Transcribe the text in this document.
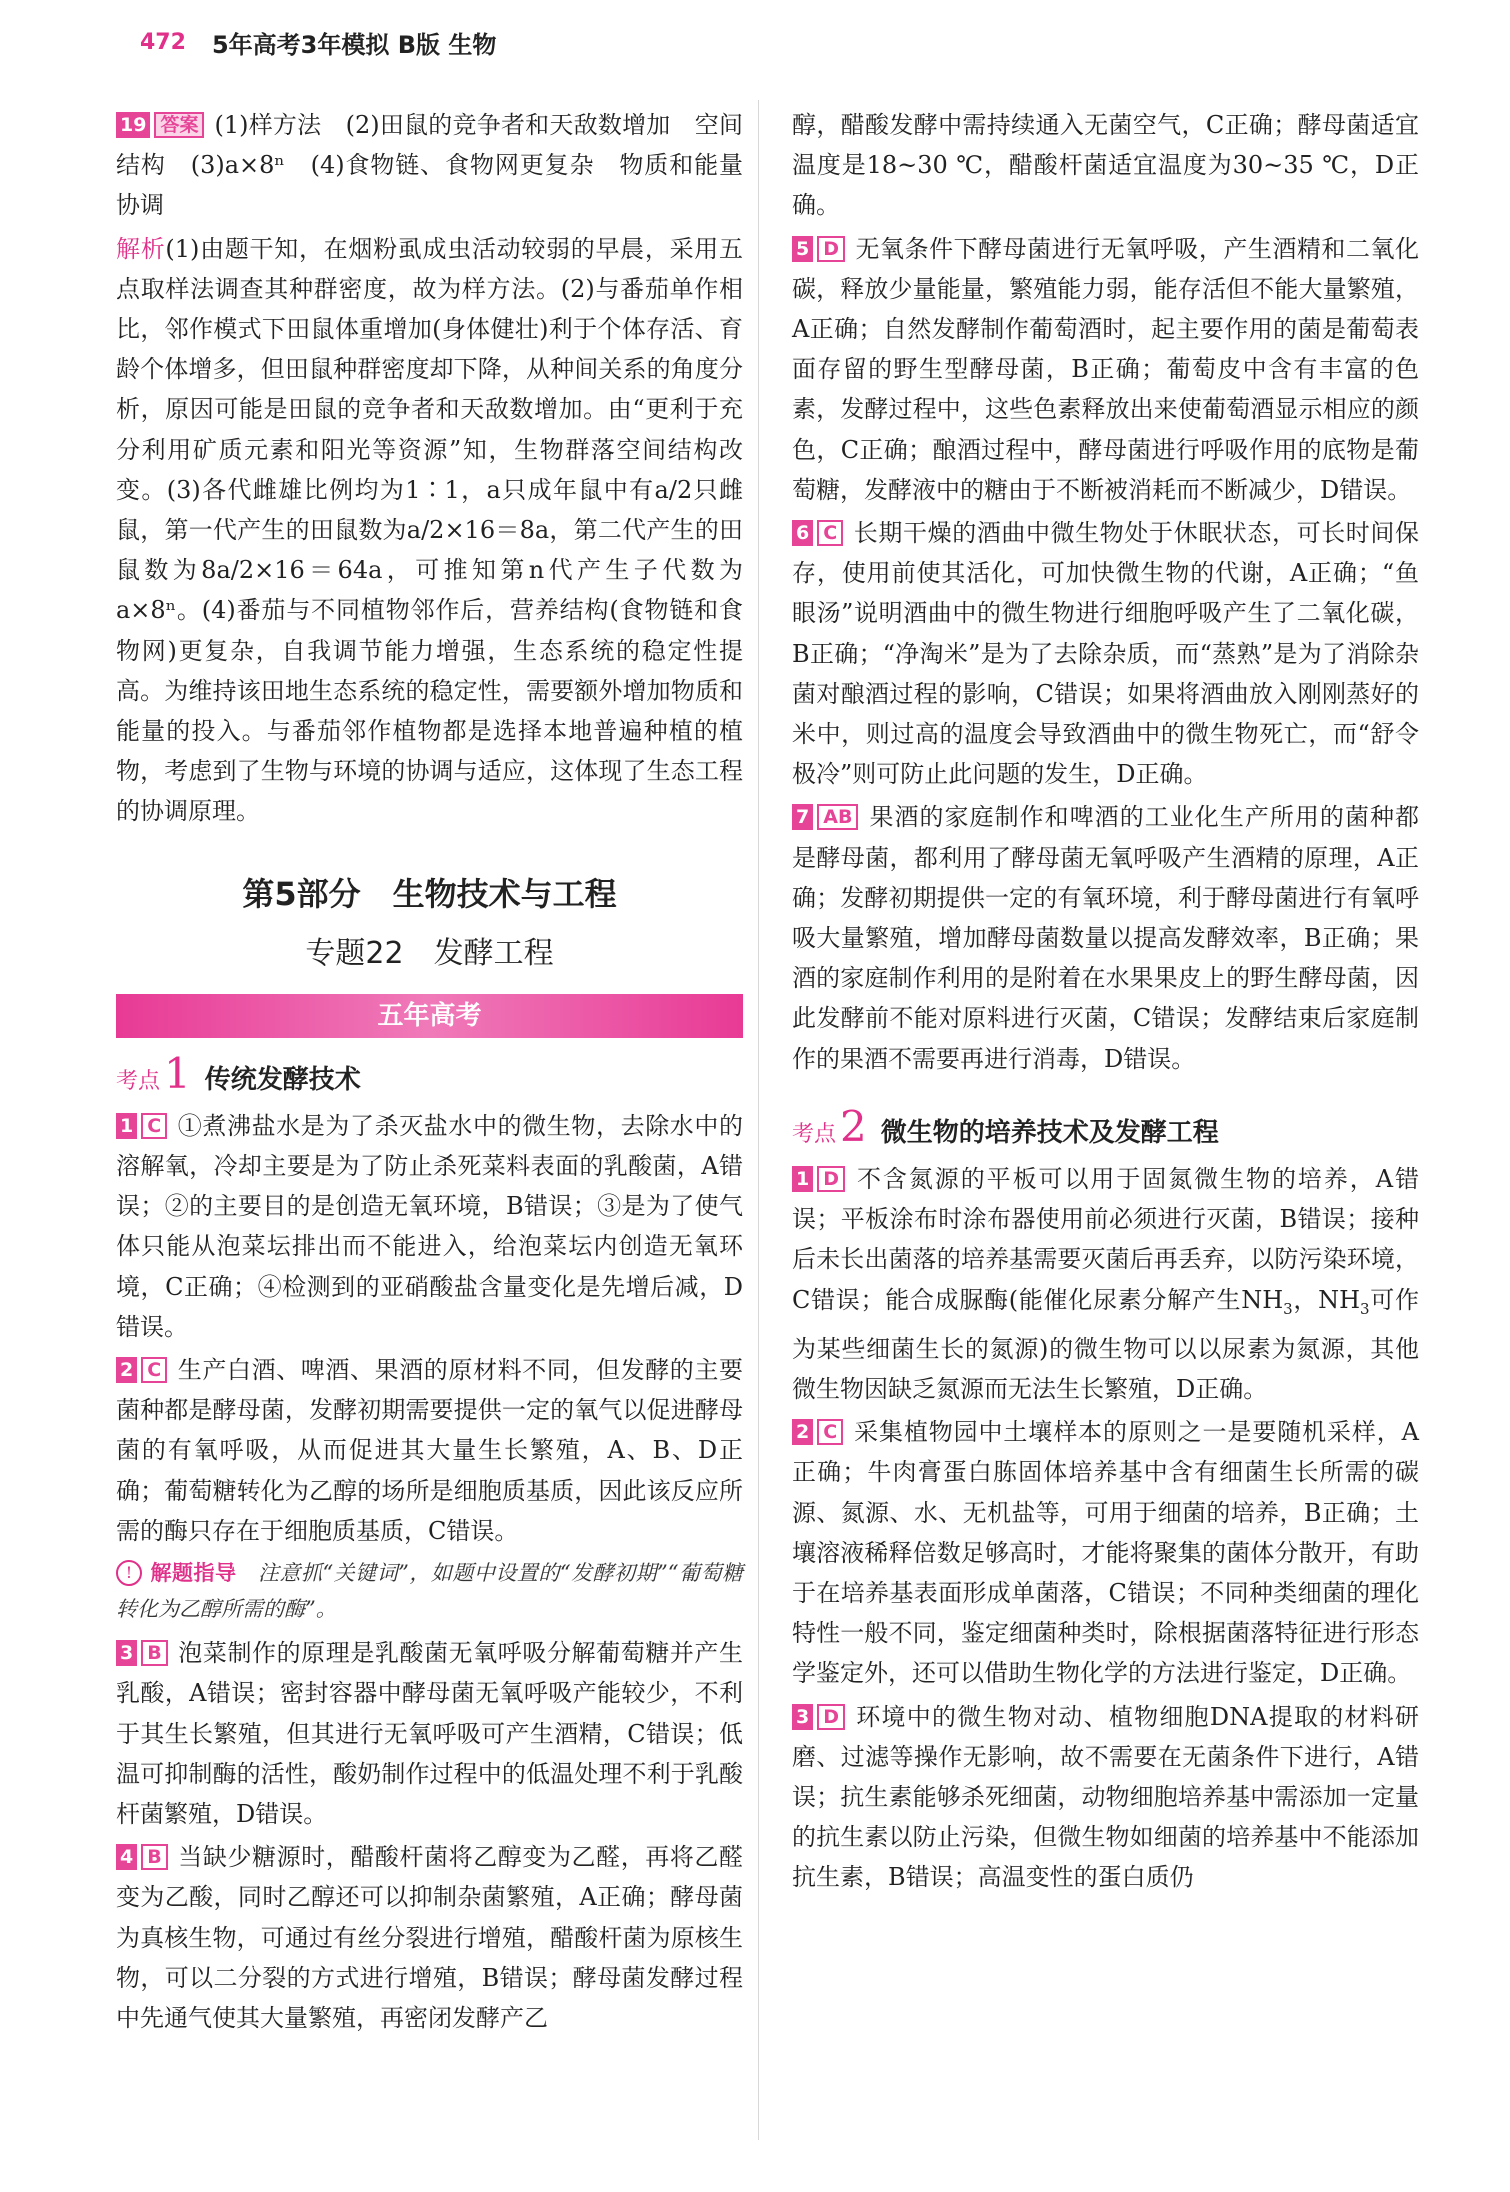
472 5年高考3年模拟 B版 生物

19 答案 (1)样方法　(2)田鼠的竞争者和天敌数增加　空间结构　(3)a×8ⁿ　(4)食物链、食物网更复杂　物质和能量　协调

解析(1)由题干知，在烟粉虱成虫活动较弱的早晨，采用五点取样法调查其种群密度，故为样方法。(2)与番茄单作相比，邻作模式下田鼠体重增加(身体健壮)利于个体存活、育龄个体增多，但田鼠种群密度却下降，从种间关系的角度分析，原因可能是田鼠的竞争者和天敌数增加。由“更利于充分利用矿质元素和阳光等资源”知，生物群落空间结构改变。(3)各代雌雄比例均为1∶1，a只成年鼠中有a/2只雌鼠，第一代产生的田鼠数为a/2×16＝8a，第二代产生的田鼠数为8a/2×16＝64a，可推知第n代产生子代数为a×8ⁿ。(4)番茄与不同植物邻作后，营养结构(食物链和食物网)更复杂，自我调节能力增强，生态系统的稳定性提高。为维持该田地生态系统的稳定性，需要额外增加物质和能量的投入。与番茄邻作植物都是选择本地普遍种植的植物，考虑到了生物与环境的协调与适应，这体现了生态工程的协调原理。

第5部分　生物技术与工程
专题22　发酵工程
五年高考
考点 1 传统发酵技术

1 C ①煮沸盐水是为了杀灭盐水中的微生物，去除水中的溶解氧，冷却主要是为了防止杀死菜料表面的乳酸菌，A错误；②的主要目的是创造无氧环境，B错误；③是为了使气体只能从泡菜坛排出而不能进入，给泡菜坛内创造无氧环境，C正确；④检测到的亚硝酸盐含量变化是先增后减，D错误。

2 C 生产白酒、啤酒、果酒的原材料不同，但发酵的主要菌种都是酵母菌，发酵初期需要提供一定的氧气以促进酵母菌的有氧呼吸，从而促进其大量生长繁殖，A、B、D正确；葡萄糖转化为乙醇的场所是细胞质基质，因此该反应所需的酶只存在于细胞质基质，C错误。

! 解题指导　 注意抓“关键词”，如题中设置的“发酵初期”“葡萄糖转化为乙醇所需的酶”。

3 B 泡菜制作的原理是乳酸菌无氧呼吸分解葡萄糖并产生乳酸，A错误；密封容器中酵母菌无氧呼吸产能较少，不利于其生长繁殖，但其进行无氧呼吸可产生酒精，C错误；低温可抑制酶的活性，酸奶制作过程中的低温处理不利于乳酸杆菌繁殖，D错误。

4 B 当缺少糖源时，醋酸杆菌将乙醇变为乙醛，再将乙醛变为乙酸，同时乙醇还可以抑制杂菌繁殖，A正确；酵母菌为真核生物，可通过有丝分裂进行增殖，醋酸杆菌为原核生物，可以二分裂的方式进行增殖，B错误；酵母菌发酵过程中先通气使其大量繁殖，再密闭发酵产乙

醇，醋酸发酵中需持续通入无菌空气，C正确；酵母菌适宜温度是18~30 ℃，醋酸杆菌适宜温度为30~35 ℃，D正确。

5 D 无氧条件下酵母菌进行无氧呼吸，产生酒精和二氧化碳，释放少量能量，繁殖能力弱，能存活但不能大量繁殖，A正确；自然发酵制作葡萄酒时，起主要作用的菌是葡萄表面存留的野生型酵母菌，B正确；葡萄皮中含有丰富的色素，发酵过程中，这些色素释放出来使葡萄酒显示相应的颜色，C正确；酿酒过程中，酵母菌进行呼吸作用的底物是葡萄糖，发酵液中的糖由于不断被消耗而不断减少，D错误。

6 C 长期干燥的酒曲中微生物处于休眠状态，可长时间保存，使用前使其活化，可加快微生物的代谢，A正确；“鱼眼汤”说明酒曲中的微生物进行细胞呼吸产生了二氧化碳，B正确；“净淘米”是为了去除杂质，而“蒸熟”是为了消除杂菌对酿酒过程的影响，C错误；如果将酒曲放入刚刚蒸好的米中，则过高的温度会导致酒曲中的微生物死亡，而“舒令极冷”则可防止此问题的发生，D正确。

7 AB 果酒的家庭制作和啤酒的工业化生产所用的菌种都是酵母菌，都利用了酵母菌无氧呼吸产生酒精的原理，A正确；发酵初期提供一定的有氧环境，利于酵母菌进行有氧呼吸大量繁殖，增加酵母菌数量以提高发酵效率，B正确；果酒的家庭制作利用的是附着在水果果皮上的野生酵母菌，因此发酵前不能对原料进行灭菌，C错误；发酵结束后家庭制作的果酒不需要再进行消毒，D错误。

考点 2 微生物的培养技术及发酵工程

1 D 不含氮源的平板可以用于固氮微生物的培养，A错误；平板涂布时涂布器使用前必须进行灭菌，B错误；接种后未长出菌落的培养基需要灭菌后再丢弃，以防污染环境，C错误；能合成脲酶(能催化尿素分解产生$NH_3$，$NH_3$可作为某些细菌生长的氮源)的微生物可以以尿素为氮源，其他微生物因缺乏氮源而无法生长繁殖，D正确。

2 C 采集植物园中土壤样本的原则之一是要随机采样，A正确；牛肉膏蛋白胨固体培养基中含有细菌生长所需的碳源、氮源、水、无机盐等，可用于细菌的培养，B正确；土壤溶液稀释倍数足够高时，才能将聚集的菌体分散开，有助于在培养基表面形成单菌落，C错误；不同种类细菌的理化特性一般不同，鉴定细菌种类时，除根据菌落特征进行形态学鉴定外，还可以借助生物化学的方法进行鉴定，D正确。

3 D 环境中的微生物对动、植物细胞DNA提取的材料研磨、过滤等操作无影响，故不需要在无菌条件下进行，A错误；抗生素能够杀死细菌，动物细胞培养基中需添加一定量的抗生素以防止污染，但微生物如细菌的培养基中不能添加抗生素，B错误；高温变性的蛋白质仍
